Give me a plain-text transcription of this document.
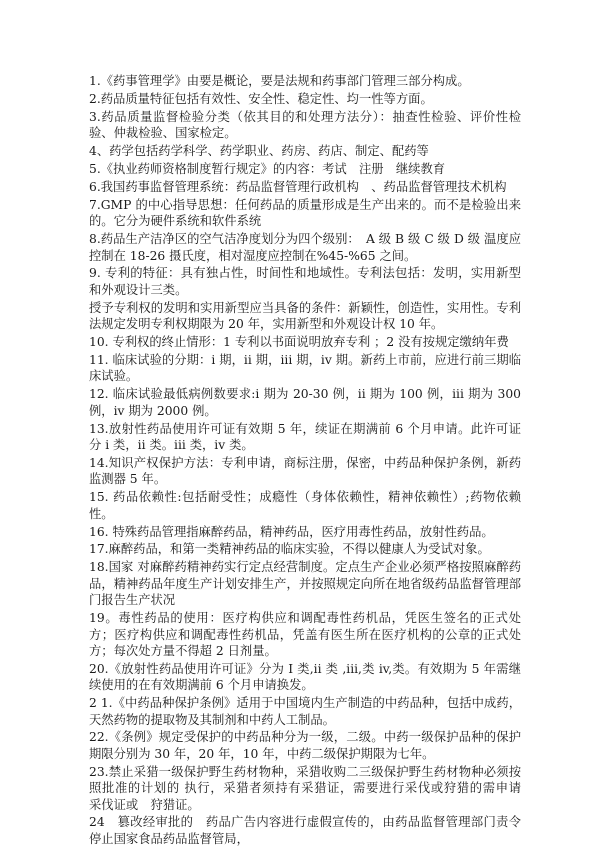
1.《药事管理学》由要是概论，要是法规和药事部门管理三部分构成。

2.药品质量特征包括有效性、安全性、稳定性、均一性等方面。

3.药品质量监督检验分类（依其目的和处理方法分）：抽查性检验、评价性检验、仲裁检验、国家检定。

4、药学包括药学科学、药学职业、药房、药店、制定、配药等

5.《执业药师资格制度暂行规定》的内容：考试　注册　继续教育

6.我国药事监督管理系统：药品监督管理行政机构　、药品监督管理技术机构

7.GMP 的中心指导思想：任何药品的质量形成是生产出来的。而不是检验出来的。它分为硬件系统和软件系统

8.药品生产洁净区的空气洁净度划分为四个级别：　A 级 B 级 C 级 D 级 温度应控制在 18-26 摄氏度，相对湿度应控制在%45-%65 之间。

9. 专利的特征：具有独占性，时间性和地域性。专利法包括：发明，实用新型和外观设计三类。

授予专利权的发明和实用新型应当具备的条件：新颖性，创造性，实用性。专利法规定发明专利权期限为 20 年，实用新型和外观设计权 10 年。

10. 专利权的终止情形：1 专利以书面说明放弃专利 ；2 没有按规定缴纳年费

11. 临床试验的分期：i 期，ii 期，iii 期，iv 期。新药上市前，应进行前三期临床试验。

12. 临床试验最低病例数要求:i 期为 20-30 例，ii 期为 100 例，iii 期为 300 例，iv 期为 2000 例。

13.放射性药品使用许可证有效期 5 年，续证在期满前 6 个月申请。此许可证分 i 类，ii 类。iii 类，iv 类。

14.知识产权保护方法：专利申请，商标注册，保密，中药品种保护条例，新药监测器 5 年。

15. 药品依赖性:包括耐受性；成瘾性（身体依赖性，精神依赖性）;药物依赖性。

16. 特殊药品管理指麻醉药品，精神药品，医疗用毒性药品，放射性药品。

17.麻醉药品，和第一类精神药品的临床实验，不得以健康人为受试对象。

18.国家 对麻醉药精神药实行定点经营制度。定点生产企业必须严格按照麻醉药品，精神药品年度生产计划安排生产，并按照规定向所在地省级药品监督管理部门报告生产状况

19。毒性药品的使用：医疗构供应和调配毒性药机品，凭医生签名的正式处方；医疗构供应和调配毒性药机品，凭盖有医生所在医疗机构的公章的正式处方；每次处方量不得超 2 日剂量。

20.《放射性药品使用许可证》分为 I 类,ii 类 ,iii,类 iv,类。有效期为 5 年需继续使用的在有效期满前 6 个月申请换发。

2 1.《中药品种保护条例》适用于中国境内生产制造的中药品种，包括中成药，天然药物的提取物及其制剂和中药人工制品。

22.《条例》规定受保护的中药品种分为一级，二级。中药一级保护品种的保护期限分别为 30 年，20 年，10 年，中药二级保护期限为七年。

23.禁止采猎一级保护野生药材物种，采猎收购二三级保护野生药材物种必须按照批准的计划的 执行，采猎者须持有采猎证，需要进行采伐或狩猎的需申请　采伐证或　狩猎证。

24　篡改经审批的　药品广告内容进行虚假宣传的，由药品监督管理部门责令停止国家食品药品监督管局，
